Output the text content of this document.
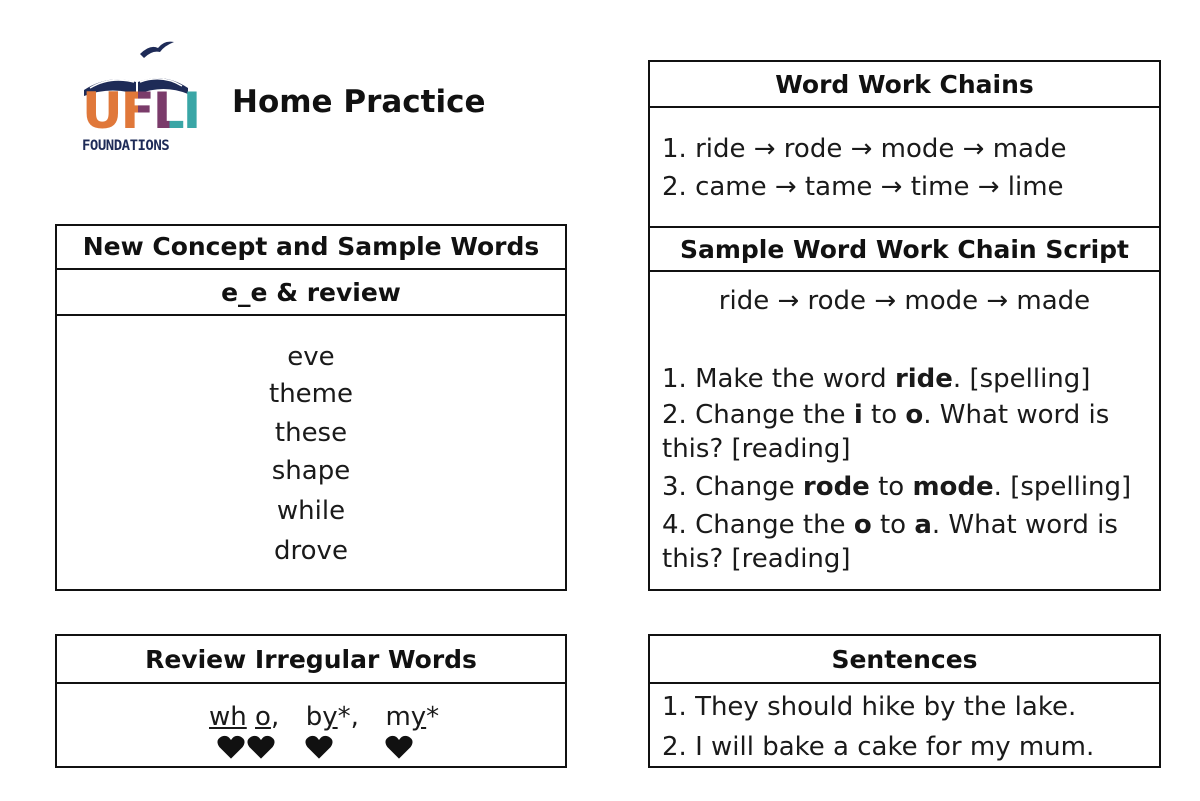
UFLI
FOUNDATIONS
Home Practice
New Concept and Sample Words
e_e & review
eve
theme
these
shape
while
drove
Review Irregular Words
wh o, by*, my*
Word Work Chains
1. ride → rode → mode → made
2. came → tame → time → lime
Sample Word Work Chain Script
ride → rode → mode → made
1. Make the word ride. [spelling]
2. Change the i to o. What word is
this? [reading]
3. Change rode to mode. [spelling]
4. Change the o to a. What word is
this? [reading]
Sentences
1. They should hike by the lake.
2. I will bake a cake for my mum.
